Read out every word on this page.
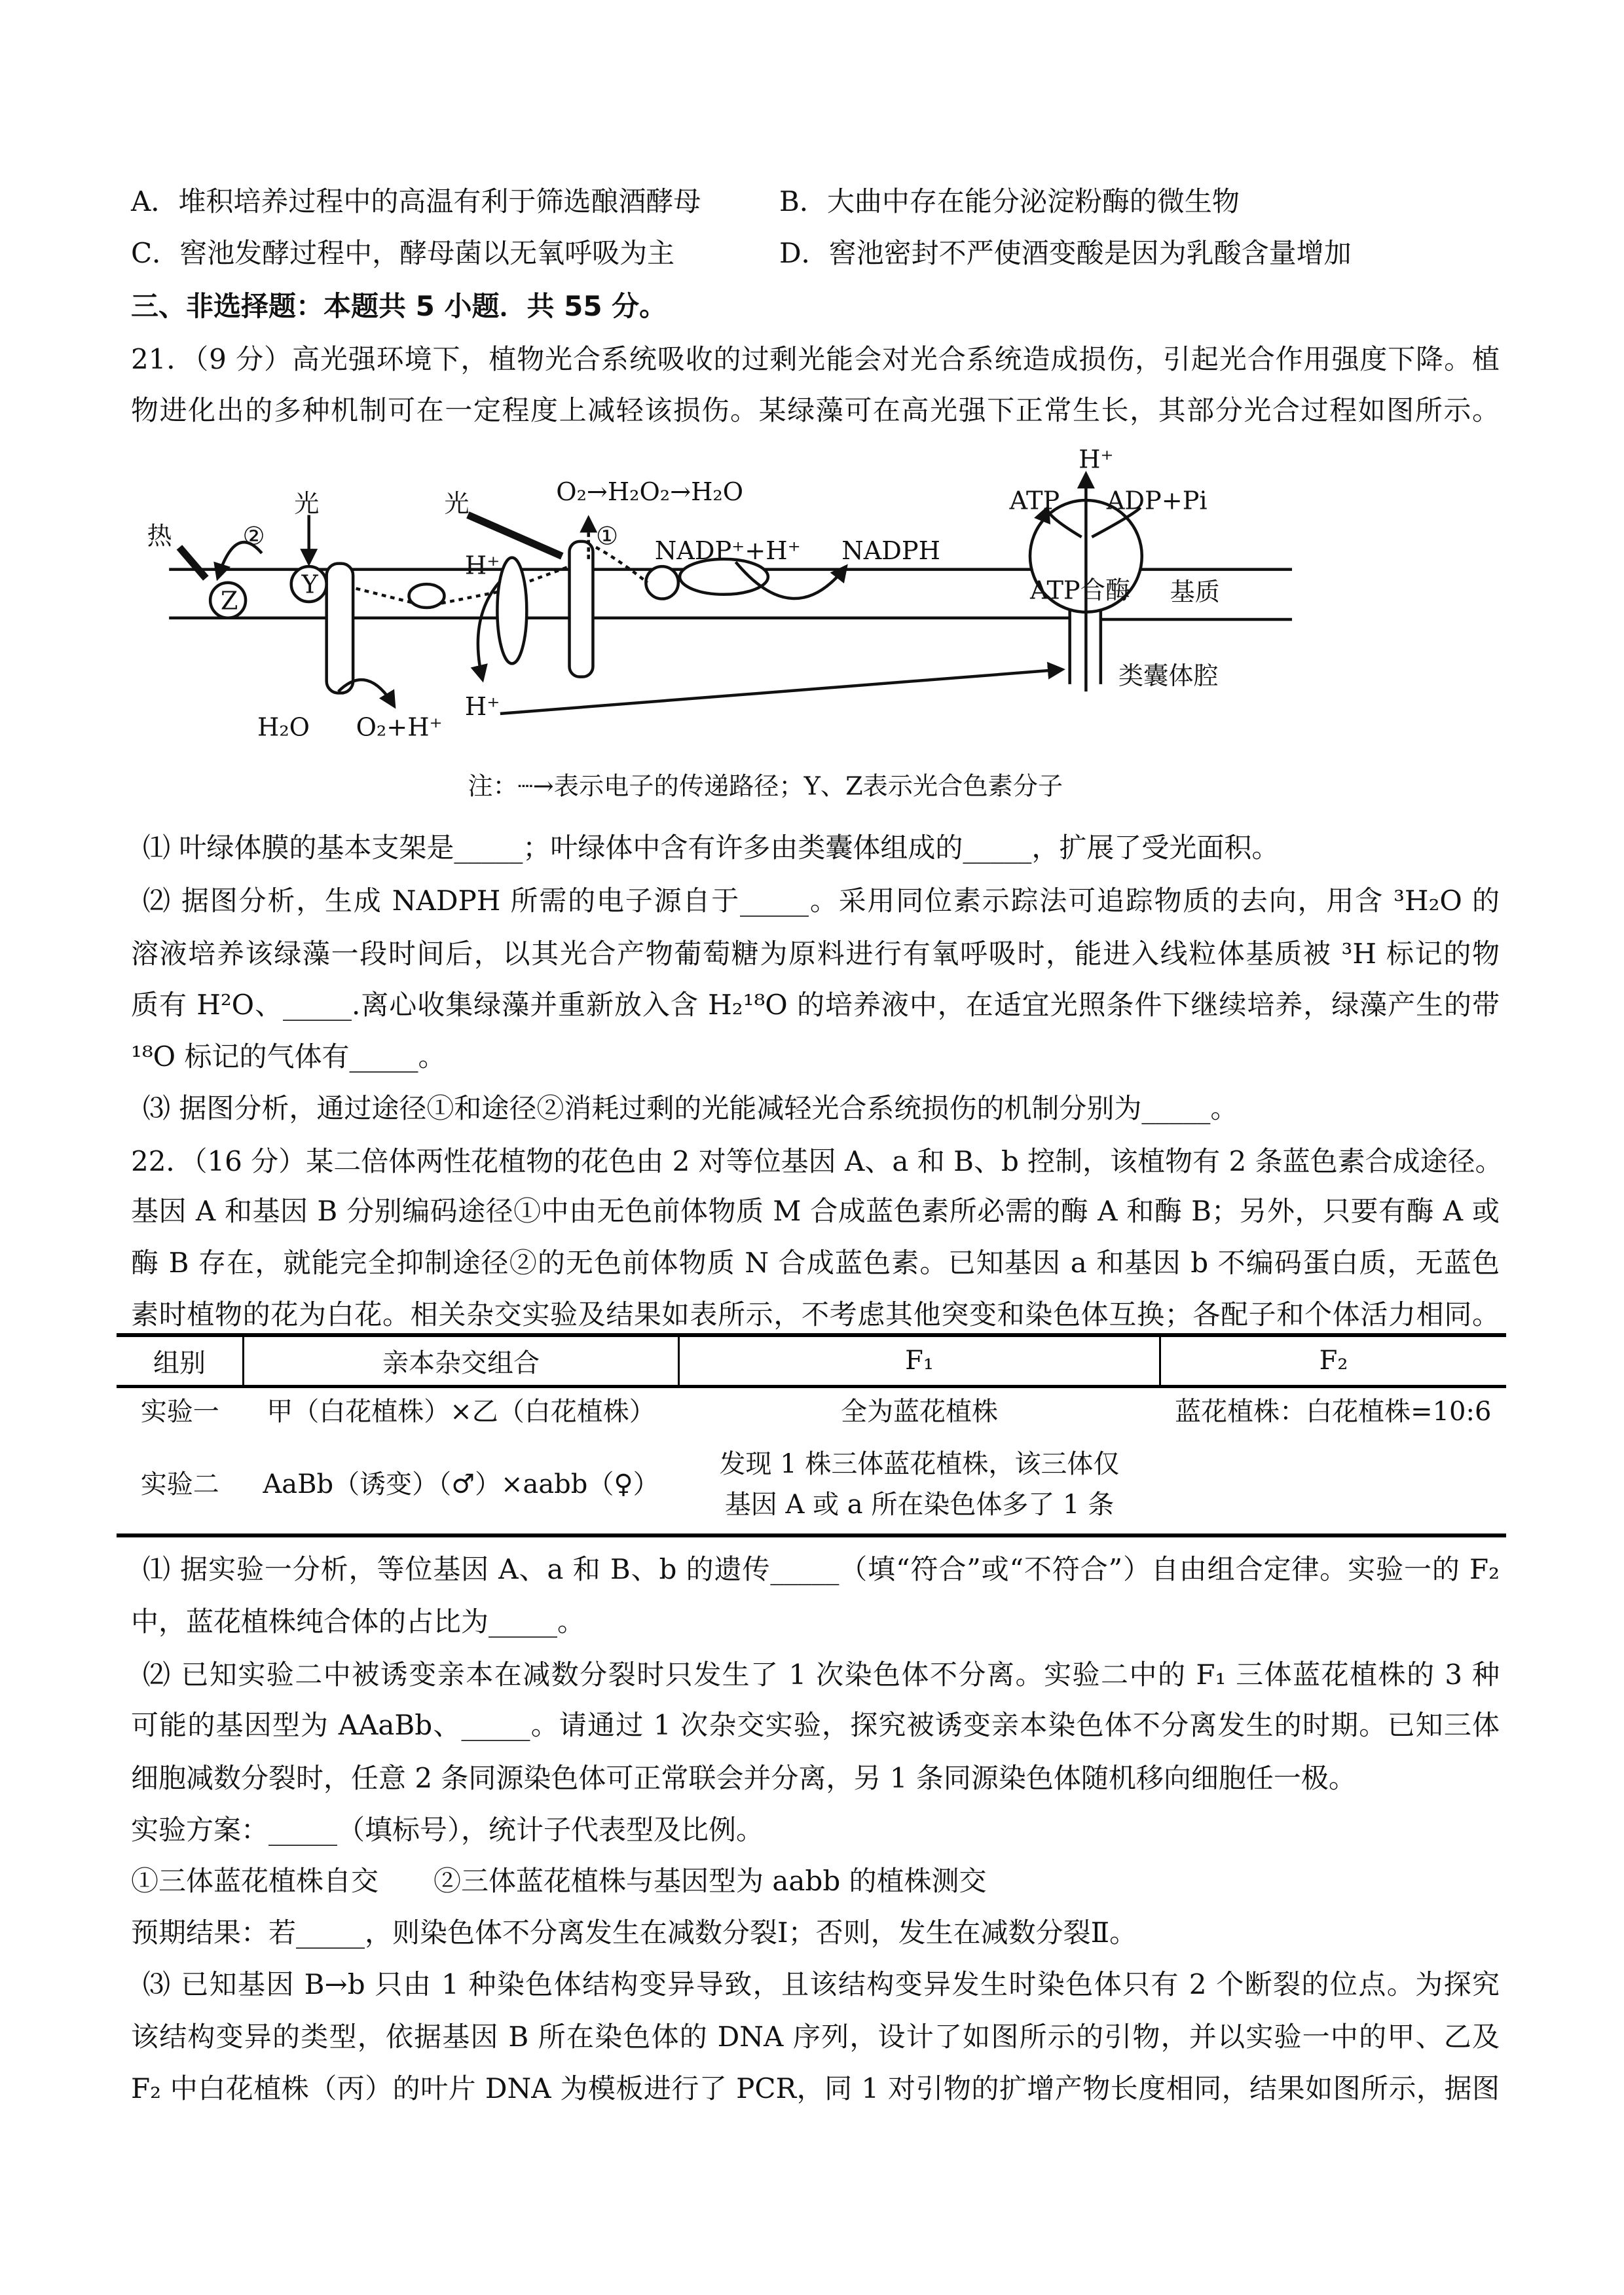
A．堆积培养过程中的高温有利于筛选酿酒酵母	B．大曲中存在能分泌淀粉酶的微生物
C．窖池发酵过程中，酵母菌以无氧呼吸为主	D．窖池密封不严使酒变酸是因为乳酸含量增加
三、非选择题：本题共 5 小题．共 55 分。
21．（9 分）高光强环境下，植物光合系统吸收的过剩光能会对光合系统造成损伤，引起光合作用强度下降。植
物进化出的多种机制可在一定程度上减轻该损伤。某绿藻可在高光强下正常生长，其部分光合过程如图所示。
热	②
光
Z
Y
光	O₂→H₂O₂→H₂O
①
NADP⁺+H⁺	NADPH
H⁺
H⁺
H₂O	O₂+H⁺
ATP	ADP+Pi
H⁺
ATP合酶	基质
类囊体腔
注：┈→表示电子的传递路径；Y、Z表示光合色素分子
⑴ 叶绿体膜的基本支架是_____；叶绿体中含有许多由类囊体组成的_____，扩展了受光面积。
⑵ 据图分析，生成 NADPH 所需的电子源自于_____。采用同位素示踪法可追踪物质的去向，用含 ³H₂O 的
溶液培养该绿藻一段时间后，以其光合产物葡萄糖为原料进行有氧呼吸时，能进入线粒体基质被 ³H 标记的物
质有 H²O、_____.离心收集绿藻并重新放入含 H₂¹⁸O 的培养液中，在适宜光照条件下继续培养，绿藻产生的带
¹⁸O 标记的气体有_____。
⑶ 据图分析，通过途径①和途径②消耗过剩的光能减轻光合系统损伤的机制分别为_____。
22．（16 分）某二倍体两性花植物的花色由 2 对等位基因 A、a 和 B、b 控制，该植物有 2 条蓝色素合成途径。
基因 A 和基因 B 分别编码途径①中由无色前体物质 M 合成蓝色素所必需的酶 A 和酶 B；另外，只要有酶 A 或
酶 B 存在，就能完全抑制途径②的无色前体物质 N 合成蓝色素。已知基因 a 和基因 b 不编码蛋白质，无蓝色
素时植物的花为白花。相关杂交实验及结果如表所示，不考虑其他突变和染色体互换；各配子和个体活力相同。
组别	亲本杂交组合	F₁	F₂
实验一	甲（白花植株）×乙（白花植株）	全为蓝花植株	蓝花植株：白花植株=10:6
实验二	AaBb（诱变）（♂）×aabb（♀）	发现 1 株三体蓝花植株，该三体仅
基因 A 或 a 所在染色体多了 1 条	

⑴ 据实验一分析，等位基因 A、a 和 B、b 的遗传_____（填“符合”或“不符合”）自由组合定律。实验一的 F₂
中，蓝花植株纯合体的占比为_____。
⑵ 已知实验二中被诱变亲本在减数分裂时只发生了 1 次染色体不分离。实验二中的 F₁ 三体蓝花植株的 3 种
可能的基因型为 AAaBb、_____。请通过 1 次杂交实验，探究被诱变亲本染色体不分离发生的时期。已知三体
细胞减数分裂时，任意 2 条同源染色体可正常联会并分离，另 1 条同源染色体随机移向细胞任一极。
实验方案：_____（填标号），统计子代表型及比例。
①三体蓝花植株自交　　②三体蓝花植株与基因型为 aabb 的植株测交
预期结果：若_____，则染色体不分离发生在减数分裂Ⅰ；否则，发生在减数分裂Ⅱ。
⑶ 已知基因 B→b 只由 1 种染色体结构变异导致，且该结构变异发生时染色体只有 2 个断裂的位点。为探究
该结构变异的类型，依据基因 B 所在染色体的 DNA 序列，设计了如图所示的引物，并以实验一中的甲、乙及
F₂ 中白花植株（丙）的叶片 DNA 为模板进行了 PCR，同 1 对引物的扩增产物长度相同，结果如图所示，据图
